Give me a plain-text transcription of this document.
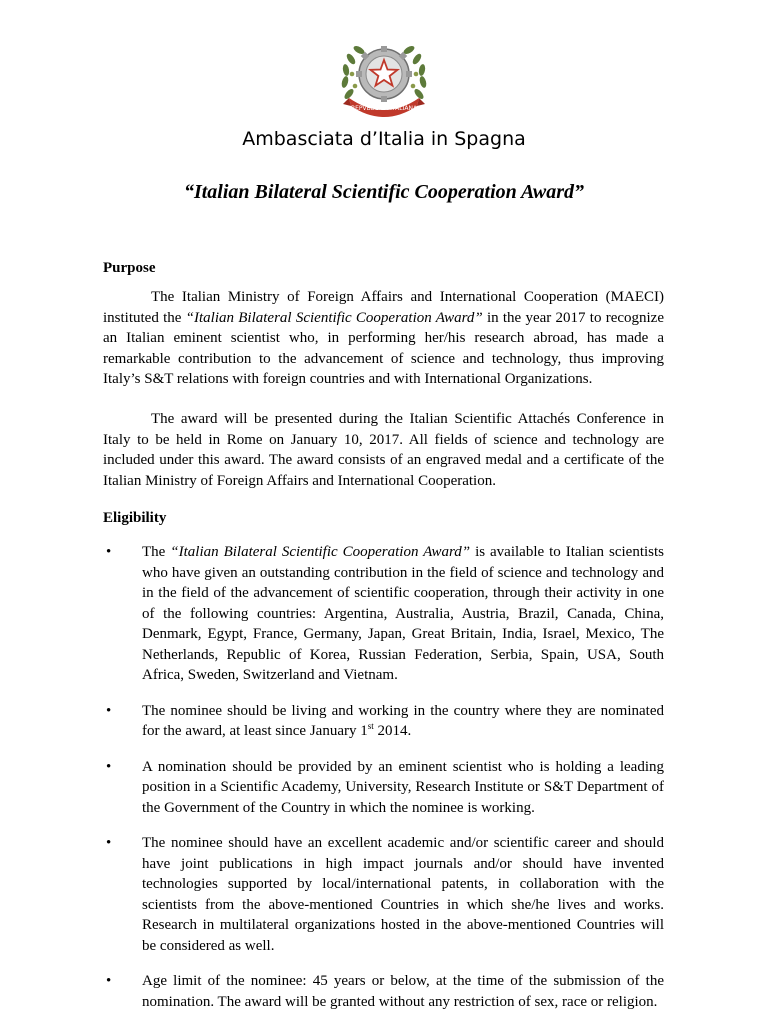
REPVBBLICA ITALIANA
Ambasciata d’Italia in Spagna
“Italian Bilateral Scientific Cooperation Award”
Purpose
The Italian Ministry of Foreign Affairs and International Cooperation (MAECI) instituted the “Italian Bilateral Scientific Cooperation Award” in the year 2017 to recognize an Italian eminent scientist who, in performing her/his research abroad, has made a remarkable contribution to the advancement of science and technology, thus improving Italy’s S&T relations with foreign countries and with International Organizations.
The award will be presented during the Italian Scientific Attachés Conference in Italy to be held in Rome on January 10, 2017. All fields of science and technology are included under this award. The award consists of an engraved medal and a certificate of the Italian Ministry of Foreign Affairs and International Cooperation.
Eligibility
• The “Italian Bilateral Scientific Cooperation Award” is available to Italian scientists who have given an outstanding contribution in the field of science and technology and in the field of the advancement of scientific cooperation, through their activity in one of the following countries: Argentina, Australia, Austria, Brazil, Canada, China, Denmark, Egypt, France, Germany, Japan, Great Britain, India, Israel, Mexico, The Netherlands, Republic of Korea, Russian Federation, Serbia, Spain, USA, South Africa, Sweden, Switzerland and Vietnam.
• The nominee should be living and working in the country where they are nominated for the award, at least since January 1st 2014.
• A nomination should be provided by an eminent scientist who is holding a leading position in a Scientific Academy, University, Research Institute or S&T Department of the Government of the Country in which the nominee is working.
• The nominee should have an excellent academic and/or scientific career and should have joint publications in high impact journals and/or should have invented technologies supported by local/international patents, in collaboration with the scientists from the above-mentioned Countries in which she/he lives and works. Research in multilateral organizations hosted in the above-mentioned Countries will be considered as well.
• Age limit of the nominee: 45 years or below, at the time of the submission of the nomination. The award will be granted without any restriction of sex, race or religion.
